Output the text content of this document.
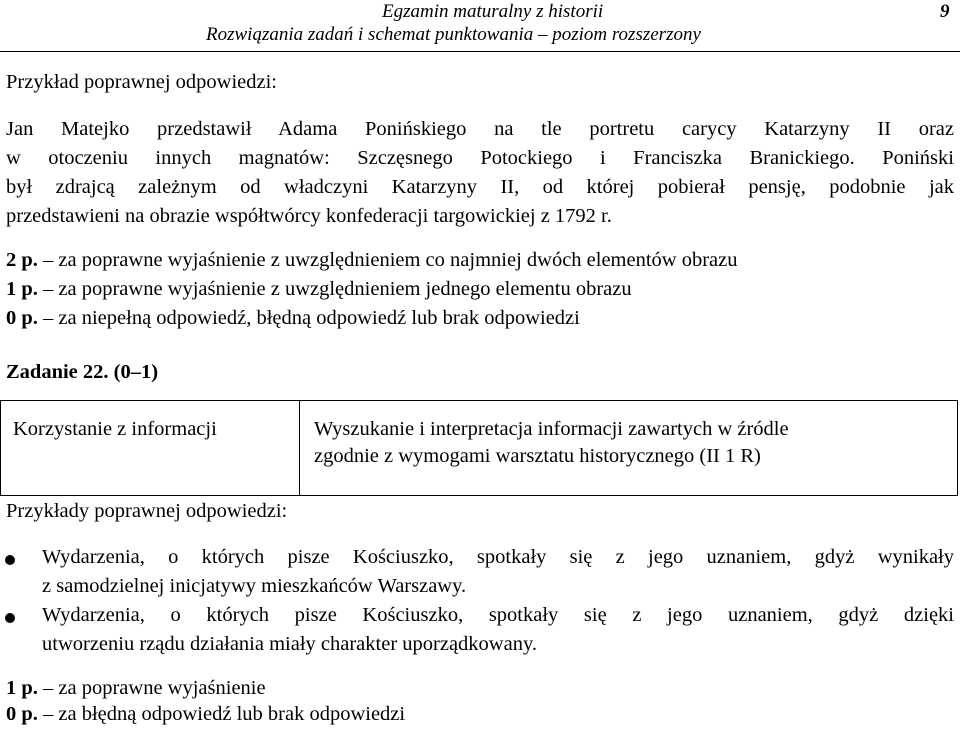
Egzamin maturalny z historii
Rozwiązania zadań i schemat punktowania – poziom rozszerzony
9
Przykład poprawnej odpowiedzi:
Jan Matejko przedstawił Adama Ponińskiego na tle portretu carycy Katarzyny II oraz
w otoczeniu innych magnatów: Szczęsnego Potockiego i Franciszka Branickiego. Poniński
był zdrajcą zależnym od władczyni Katarzyny II, od której pobierał pensję, podobnie jak
przedstawieni na obrazie współtwórcy konfederacji targowickiej z 1792 r.
2 p. – za poprawne wyjaśnienie z uwzględnieniem co najmniej dwóch elementów obrazu
1 p. – za poprawne wyjaśnienie z uwzględnieniem jednego elementu obrazu
0 p. – za niepełną odpowiedź, błędną odpowiedź lub brak odpowiedzi
Zadanie 22. (0–1)
Korzystanie z informacji	Wyszukanie i interpretacja informacji zawartych w źródle
zgodnie z wymogami warsztatu historycznego (II 1 R)
Przykłady poprawnej odpowiedzi:
Wydarzenia, o których pisze Kościuszko, spotkały się z jego uznaniem, gdyż wynikały
z samodzielnej inicjatywy mieszkańców Warszawy.
Wydarzenia, o których pisze Kościuszko, spotkały się z jego uznaniem, gdyż dzięki
utworzeniu rządu działania miały charakter uporządkowany.
1 p. – za poprawne wyjaśnienie
0 p. – za błędną odpowiedź lub brak odpowiedzi
